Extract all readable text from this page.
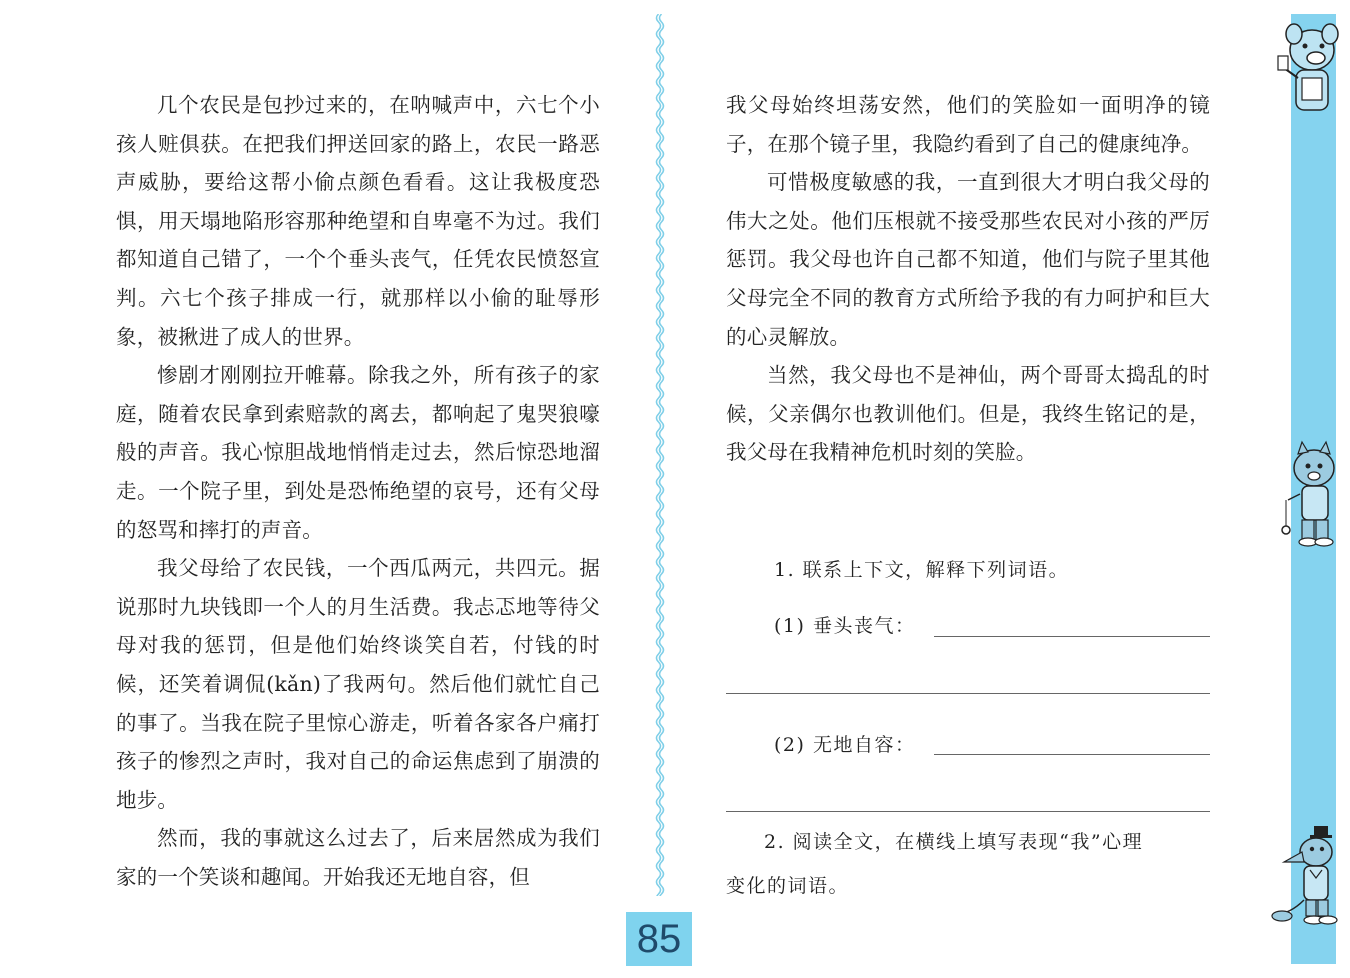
几个农民是包抄过来的，在呐喊声中，六七个小孩人赃俱获。在把我们押送回家的路上，农民一路恶声威胁，要给这帮小偷点颜色看看。这让我极度恐惧，用天塌地陷形容那种绝望和自卑毫不为过。我们都知道自己错了，一个个垂头丧气，任凭农民愤怒宣判。六七个孩子排成一行，就那样以小偷的耻辱形象，被揪进了成人的世界。

惨剧才刚刚拉开帷幕。除我之外，所有孩子的家庭，随着农民拿到索赔款的离去，都响起了鬼哭狼嚎般的声音。我心惊胆战地悄悄走过去，然后惊恐地溜走。一个院子里，到处是恐怖绝望的哀号，还有父母的怒骂和摔打的声音。

我父母给了农民钱，一个西瓜两元，共四元。据说那时九块钱即一个人的月生活费。我忐忑地等待父母对我的惩罚，但是他们始终谈笑自若，付钱的时候，还笑着调侃(kǎn)了我两句。然后他们就忙自己的事了。当我在院子里惊心游走，听着各家各户痛打孩子的惨烈之声时，我对自己的命运焦虑到了崩溃的地步。

然而，我的事就这么过去了，后来居然成为我们家的一个笑谈和趣闻。开始我还无地自容，但

我父母始终坦荡安然，他们的笑脸如一面明净的镜子，在那个镜子里，我隐约看到了自己的健康纯净。

可惜极度敏感的我，一直到很大才明白我父母的伟大之处。他们压根就不接受那些农民对小孩的严厉惩罚。我父母也许自己都不知道，他们与院子里其他父母完全不同的教育方式所给予我的有力呵护和巨大的心灵解放。

当然，我父母也不是神仙，两个哥哥太捣乱的时候，父亲偶尔也教训他们。但是，我终生铭记的是，我父母在我精神危机时刻的笑脸。

1. 联系上下文，解释下列词语。
(1) 垂头丧气：
(2) 无地自容：
2. 阅读全文，在横线上填写表现“我”心理
变化的词语。
85
